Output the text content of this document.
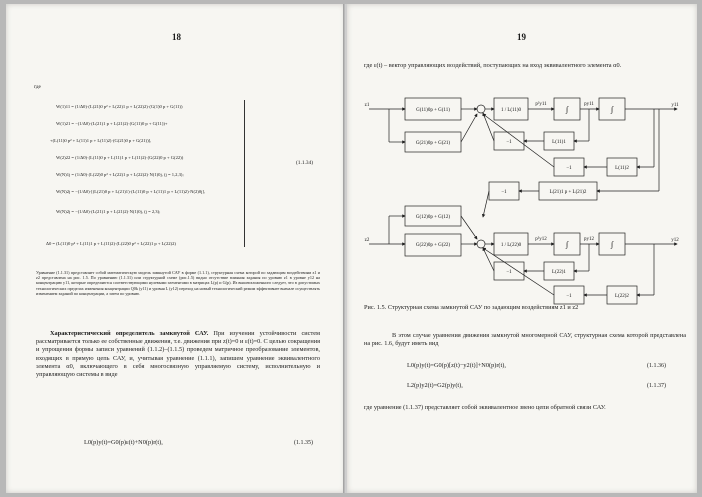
18
где
W(1)11 = (1/Δ0)·(L(21)0 p² + L(22)1 p + L(22)2)·(G(1)0 p + G(11))
W(1)21 = −(1/Δ0)·(L(21)1 p + L(21)2)·(G(11)0 p + G(11))+
+(L(11)0 p² + L(11)1 p + L(11)2)·(G(21)0 p + G(21))],
W(2)22 = (1/Δ0)·(L(11)0 p + L(11)1 p + L(11)2)·(G(22)0 p + G(22))
W(N)1j = (1/Δ0)·(L(22)0 p² + L(22)1 p + L(22)2)·N(1)0j, (j = 1,2,3);
W(N)2j = −(1/Δ0)·[(L(21)0 p + L(21)1)·(L(11)0 p + L(11)1 p + L(11)2)·N(2)0j],
W(N)2j = −(1/Δ0)·(L(21)1 p + L(21)2)·N(1)0j, (j = 2,3);
Δ0 = (L(11)0 p² + L(11)1 p + L(11)2)·(L(22)0 p² + L(22)1 p + L(22)2)
(1.1.34)
Уравнение (1.1.31) представляет собой математическую модель замкнутой САУ в форме (1.1.1), структурная схема которой по задающим воздействиям z1 и z2 представлена на рис. 1.5. По уравнению (1.1.31) или структурной схеме (рис.1.5) видно отсутствие влияния задания по уровню z1 в уровне y12 на концентрацию y11, которые определяются соответствующими нулевыми элементами в матрицах L(p) и G(p). Из вышеизложенного следует, что в допустимых технологических пределах изменения концентрации Q0k (y11) и уровня L (y12) переход на новый технологический режим эффективнее вначале осуществлять изменением заданий по концентрации, а затем по уровню.
Характеристический определитель замкнутой САУ. При изучении устойчивости систем рассматривается только ее собственные движения, т.е. движения при z(t)=0 и ε(t)=0. С целью сокращения и упрощения формы записи уравнений (1.1.2)–(1.1.5) проведем матричное преобразование элементов, входящих в прямую цепь САУ, и, учитывая уравнение (1.1.1), запишем уравнение эквивалентного элемента α0, включающего в себя многосвязную управляемую систему, исполнительную и управляющую системы в виде
L0(p)y(t)=G0(p)ε(t)+N0(p)r(t),	(1.1.35)
19
где ε(t) – вектор управляющих воздействий, поступающих на вход эквивалентного элемента α0.
z1
z2
y11
y12
G(11)0p + G(11)
G(21)0p + G(21)
G(12)0p + G(12)
G(22)0p + G(22)
1 / L(11)0
1 / L(22)0
p²y11	py11
p²y12	py12
∫	∫
∫	∫
−1	L(11)1
−1	L(11)2
−1	L(21)1 p + L(21)2
−1	L(22)1
−1	L(22)2
Рис. 1.5. Структурная схема замкнутой САУ по задающим воздействиям z1 и z2
В этом случае уравнения движения замкнутой многомерной САУ, структурная схема которой представлена на рис. 1.6, будут иметь вид
L0(p)y(t)=G0(p)[z(t)−y2(t)]+N0(p)r(t),	(1.1.36)
L2(p)y2(t)=G2(p)y(t),	(1.1.37)
где уравнение (1.1.37) представляет собой эквивалентное звено цепи обратной связи САУ.
